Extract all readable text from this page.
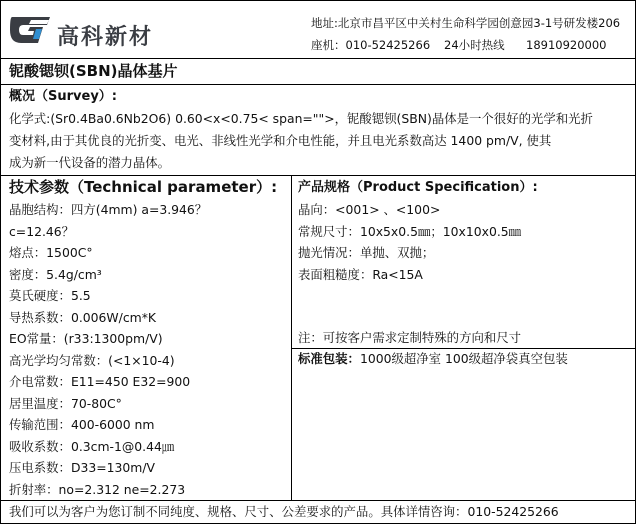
高科新材
地址:北京市昌平区中关村生命科学园创意园3-1号研发楼206
座机：010-52425266 24小时热线 18910920000
铌酸锶钡(SBN)晶体基片
概况（Survey）:
化学式:(Sr0.4Ba0.6Nb2O6) 0.60<x<0.75< span="">，铌酸锶钡(SBN)晶体是一个很好的光学和光折
变材料,由于其优良的光折变、电光、非线性光学和介电性能，并且电光系数高达 1400 pm/V, 使其
成为新一代设备的潜力晶体。
技术参数（Technical parameter）:
晶胞结构：四方(4mm) a=3.946？
c=12.46？
熔点：1500C°
密度：5.4g/cm³
莫氏硬度：5.5
导热系数：0.006W/cm*K
EO常量：(r33:1300pm/V)
高光学均匀常数：(<1×10-4)
介电常数：E11=450 E32=900
居里温度：70-80C°
传输范围：400-6000 nm
吸收系数：0.3cm-1@0.44㎛
压电系数：D33=130m/V
折射率：no=2.312 ne=2.273
产品规格（Product Specification）:
晶向：<001> 、<100>
常规尺寸：10x5x0.5㎜；10x10x0.5㎜
抛光情况：单抛、双抛；
表面粗糙度：Ra<15A
注：可按客户需求定制特殊的方向和尺寸
标准包装：1000级超净室 100级超净袋真空包装
我们可以为客户为您订制不同纯度、规格、尺寸、公差要求的产品。具体详情咨询：010-52425266
